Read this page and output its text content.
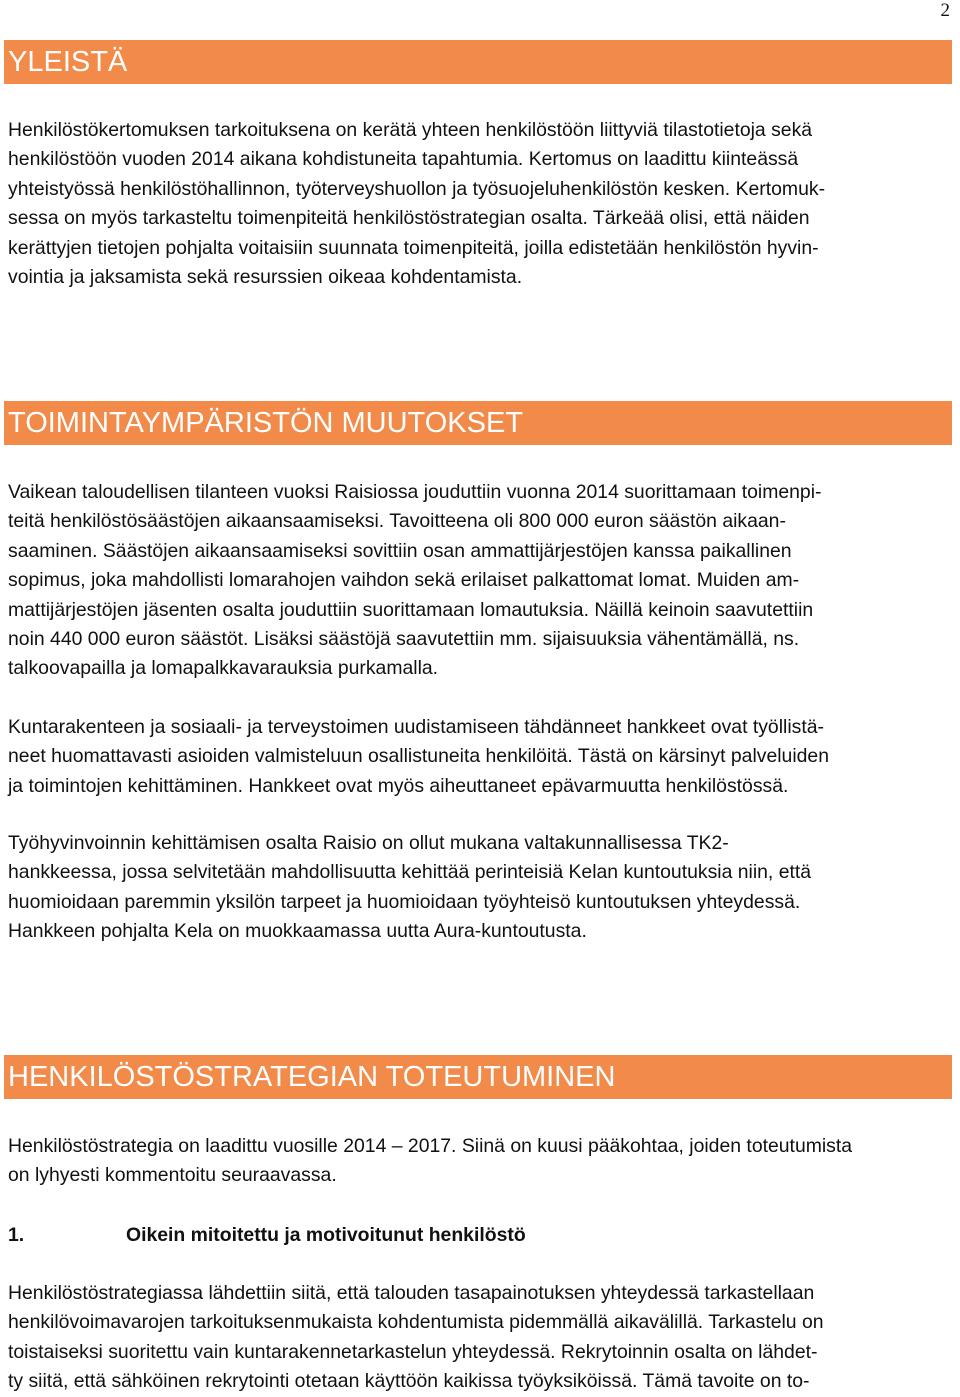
2
YLEISTÄ

Henkilöstökertomuksen tarkoituksena on kerätä yhteen henkilöstöön liittyviä tilastotietoja sekä
henkilöstöön vuoden 2014 aikana kohdistuneita tapahtumia. Kertomus on laadittu kiinteässä
yhteistyössä henkilöstöhallinnon, työterveyshuollon ja työsuojeluhenkilöstön kesken. Kertomuk-
sessa on myös tarkasteltu toimenpiteitä henkilöstöstrategian osalta. Tärkeää olisi, että näiden
kerättyjen tietojen pohjalta voitaisiin suunnata toimenpiteitä, joilla edistetään henkilöstön hyvin-
vointia ja jaksamista sekä resurssien oikeaa kohdentamista.

TOIMINTAYMPÄRISTÖN MUUTOKSET

Vaikean taloudellisen tilanteen vuoksi Raisiossa jouduttiin vuonna 2014 suorittamaan toimenpi-
teitä henkilöstösäästöjen aikaansaamiseksi. Tavoitteena oli 800 000 euron säästön aikaan-
saaminen. Säästöjen aikaansaamiseksi sovittiin osan ammattijärjestöjen kanssa paikallinen
sopimus, joka mahdollisti lomarahojen vaihdon sekä erilaiset palkattomat lomat. Muiden am-
mattijärjestöjen jäsenten osalta jouduttiin suorittamaan lomautuksia. Näillä keinoin saavutettiin
noin 440 000 euron säästöt. Lisäksi säästöjä saavutettiin mm. sijaisuuksia vähentämällä, ns.
talkoovapailla ja lomapalkkavarauksia purkamalla.

Kuntarakenteen ja sosiaali- ja terveystoimen uudistamiseen tähdänneet hankkeet ovat työllistä-
neet huomattavasti asioiden valmisteluun osallistuneita henkilöitä. Tästä on kärsinyt palveluiden
ja toimintojen kehittäminen. Hankkeet ovat myös aiheuttaneet epävarmuutta henkilöstössä.

Työhyvinvoinnin kehittämisen osalta Raisio on ollut mukana valtakunnallisessa TK2-
hankkeessa, jossa selvitetään mahdollisuutta kehittää perinteisiä Kelan kuntoutuksia niin, että
huomioidaan paremmin yksilön tarpeet ja huomioidaan työyhteisö kuntoutuksen yhteydessä.
Hankkeen pohjalta Kela on muokkaamassa uutta Aura-kuntoutusta.

HENKILÖSTÖSTRATEGIAN TOTEUTUMINEN

Henkilöstöstrategia on laadittu vuosille 2014 – 2017. Siinä on kuusi pääkohtaa, joiden toteutumista
on lyhyesti kommentoitu seuraavassa.

1.	Oikein mitoitettu ja motivoitunut henkilöstö

Henkilöstöstrategiassa lähdettiin siitä, että talouden tasapainotuksen yhteydessä tarkastellaan
henkilövoimavarojen tarkoituksenmukaista kohdentumista pidemmällä aikavälillä. Tarkastelu on
toistaiseksi suoritettu vain kuntarakennetarkastelun yhteydessä. Rekrytoinnin osalta on lähdet-
ty siitä, että sähköinen rekrytointi otetaan käyttöön kaikissa työyksiköissä. Tämä tavoite on to-
